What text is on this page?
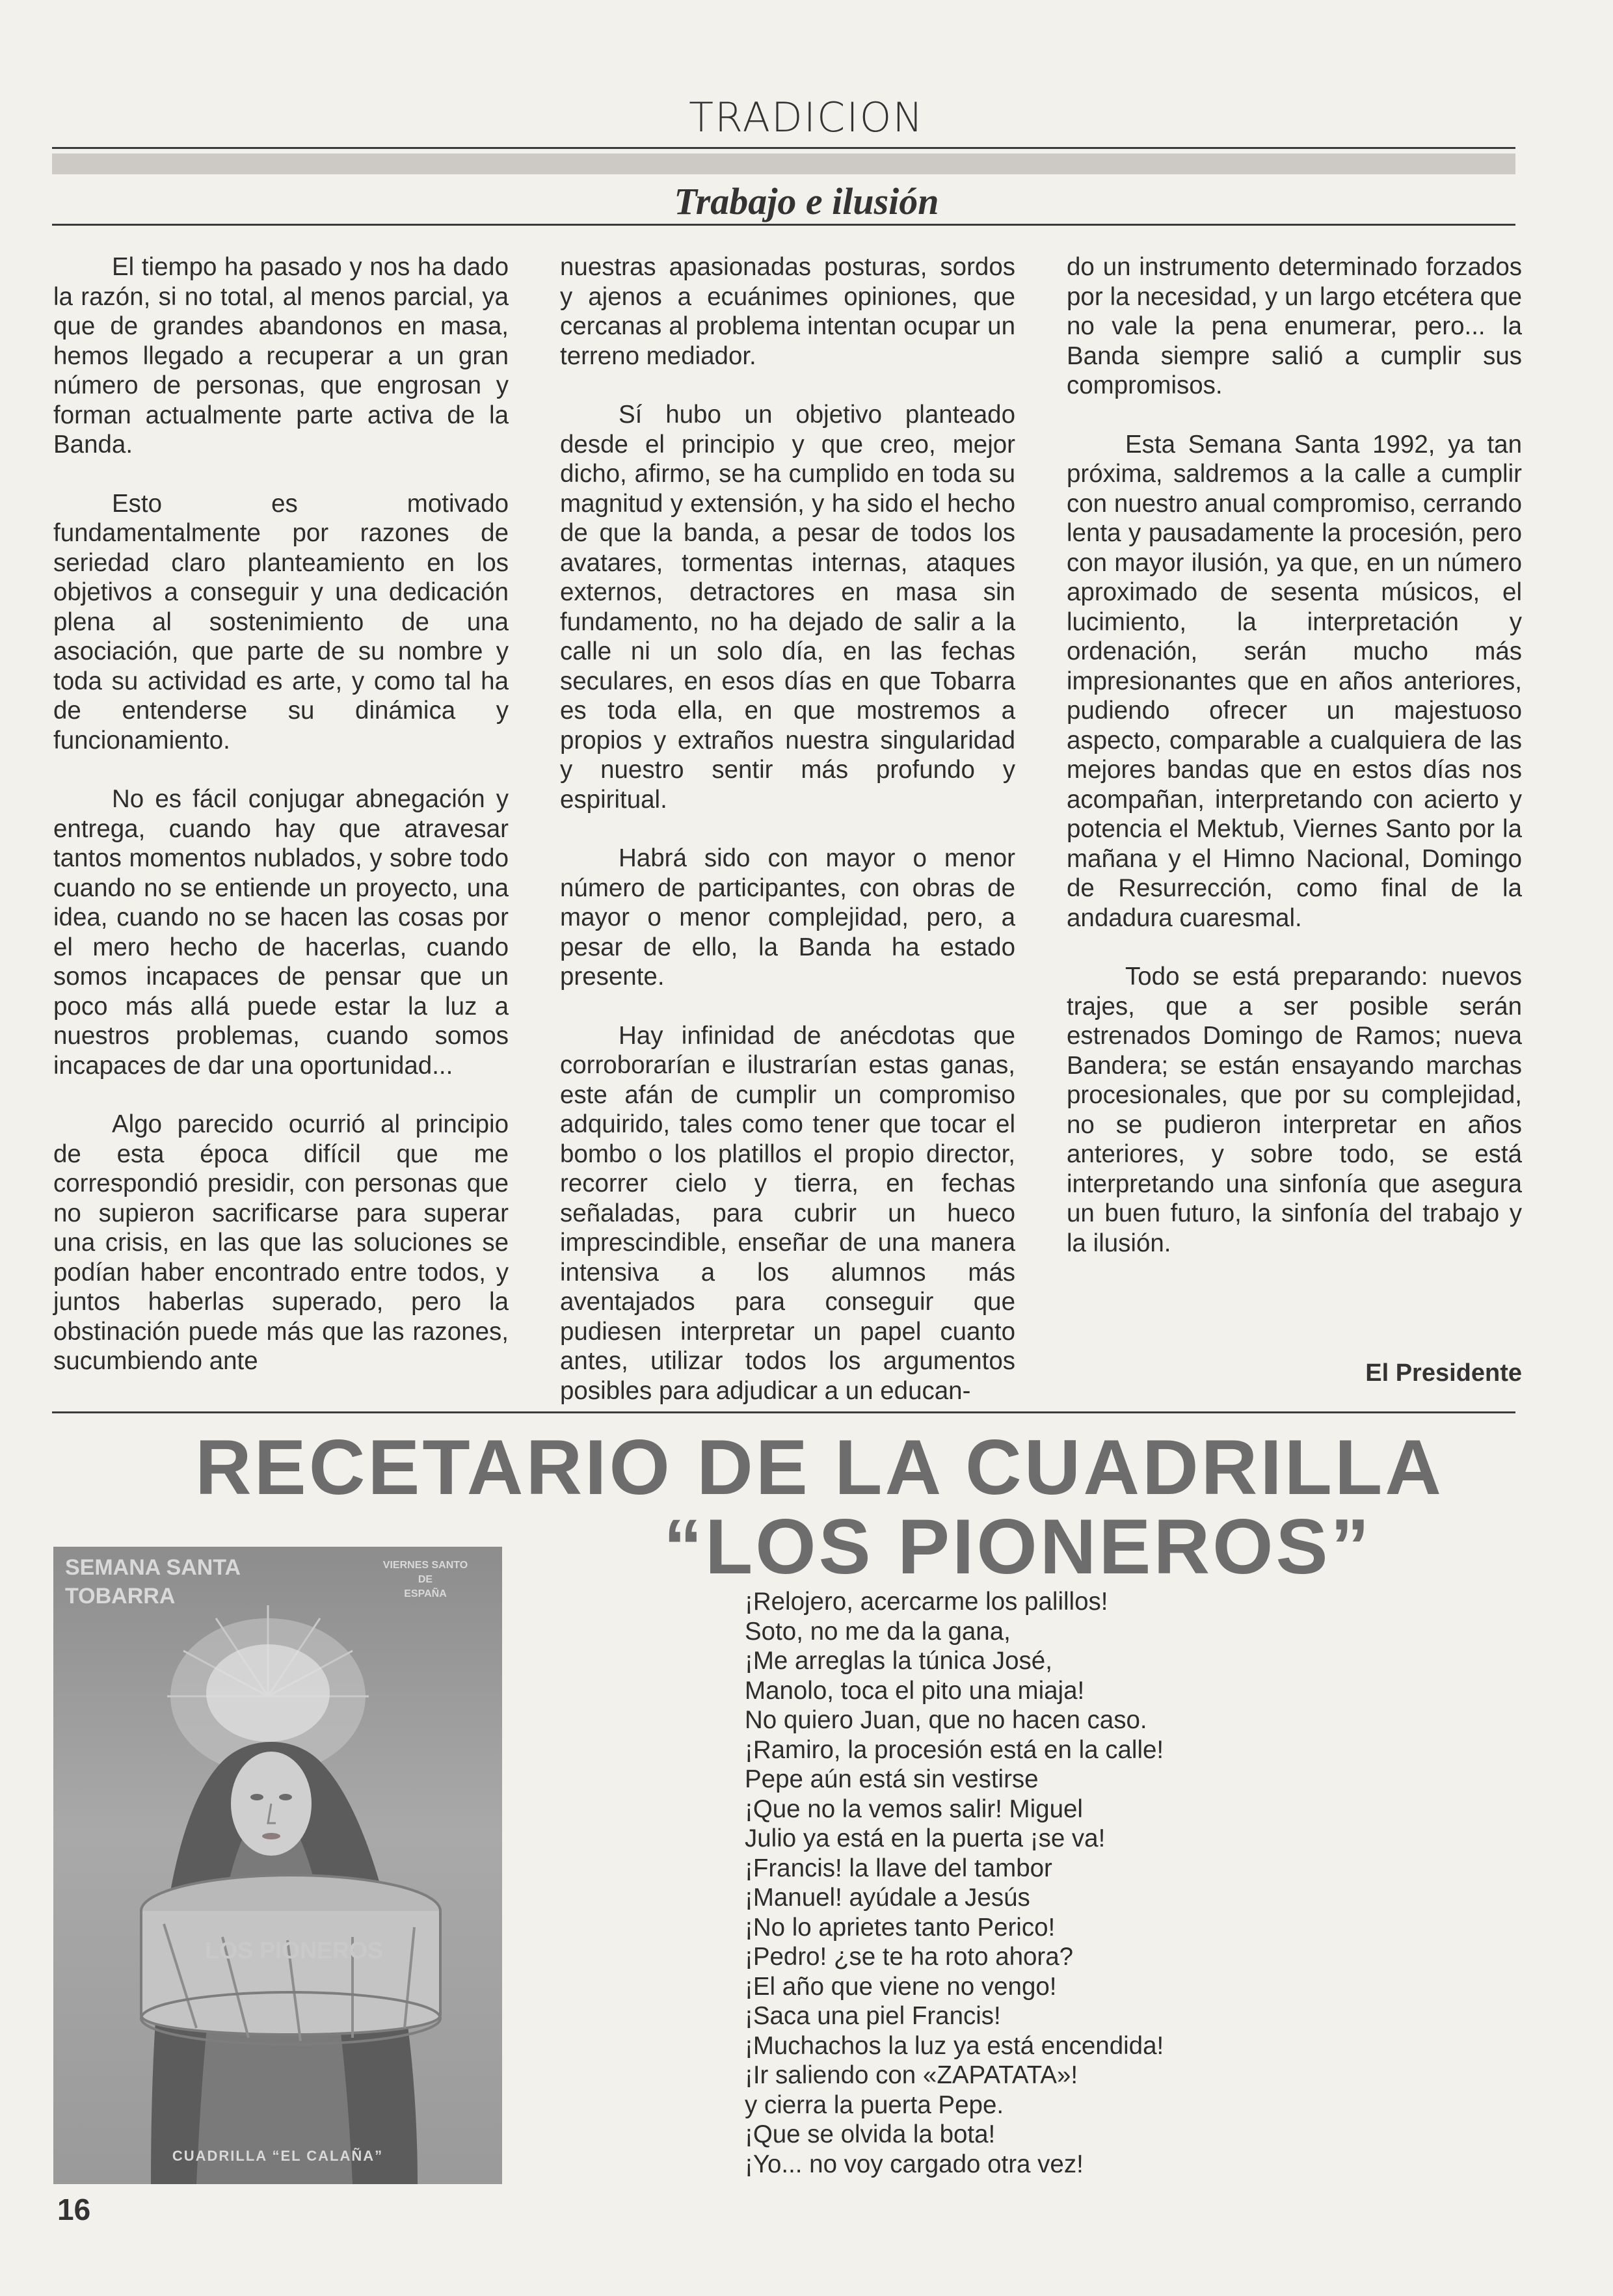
TRADICION
Trabajo e ilusión

El tiempo ha pasado y nos ha dado la razón, si no total, al menos parcial, ya que de grandes abandonos en masa, hemos llegado a recuperar a un gran número de personas, que engrosan y forman actualmente parte activa de la Banda.

Esto es motivado fundamentalmente por razones de seriedad claro planteamiento en los objetivos a conseguir y una dedicación plena al sostenimiento de una asociación, que parte de su nombre y toda su actividad es arte, y como tal ha de entenderse su dinámica y funcionamiento.

No es fácil conjugar abnegación y entrega, cuando hay que atravesar tantos momentos nublados, y sobre todo cuando no se entiende un proyecto, una idea, cuando no se hacen las cosas por el mero hecho de hacerlas, cuando somos incapaces de pensar que un poco más allá puede estar la luz a nuestros problemas, cuando somos incapaces de dar una oportunidad...

Algo parecido ocurrió al principio de esta época difícil que me correspondió presidir, con personas que no supieron sacrificarse para superar una crisis, en las que las soluciones se podían haber encontrado entre todos, y juntos haberlas superado, pero la obstinación puede más que las razones, sucumbiendo ante

nuestras apasionadas posturas, sordos y ajenos a ecuánimes opiniones, que cercanas al problema intentan ocupar un terreno mediador.

Sí hubo un objetivo planteado desde el principio y que creo, mejor dicho, afirmo, se ha cumplido en toda su magnitud y extensión, y ha sido el hecho de que la banda, a pesar de todos los avatares, tormentas internas, ataques externos, detractores en masa sin fundamento, no ha dejado de salir a la calle ni un solo día, en las fechas seculares, en esos días en que Tobarra es toda ella, en que mostremos a propios y extraños nuestra singularidad y nuestro sentir más profundo y espiritual.

Habrá sido con mayor o menor número de participantes, con obras de mayor o menor complejidad, pero, a pesar de ello, la Banda ha estado presente.

Hay infinidad de anécdotas que corroborarían e ilustrarían estas ganas, este afán de cumplir un compromiso adquirido, tales como tener que tocar el bombo o los platillos el propio director, recorrer cielo y tierra, en fechas señaladas, para cubrir un hueco imprescindible, enseñar de una manera intensiva a los alumnos más aventajados para conseguir que pudiesen interpretar un papel cuanto antes, utilizar todos los argumentos posibles para adjudicar a un educan-

do un instrumento determinado forzados por la necesidad, y un largo etcétera que no vale la pena enumerar, pero... la Banda siempre salió a cumplir sus compromisos.

Esta Semana Santa 1992, ya tan próxima, saldremos a la calle a cumplir con nuestro anual compromiso, cerrando lenta y pausadamente la procesión, pero con mayor ilusión, ya que, en un número aproximado de sesenta músicos, el lucimiento, la interpretación y ordenación, serán mucho más impresionantes que en años anteriores, pudiendo ofrecer un majestuoso aspecto, comparable a cualquiera de las mejores bandas que en estos días nos acompañan, interpretando con acierto y potencia el Mektub, Viernes Santo por la mañana y el Himno Nacional, Domingo de Resurrección, como final de la andadura cuaresmal.

Todo se está preparando: nuevos trajes, que a ser posible serán estrenados Domingo de Ramos; nueva Bandera; se están ensayando marchas procesionales, que por su complejidad, no se pudieron interpretar en años anteriores, y sobre todo, se está interpretando una sinfonía que asegura un buen futuro, la sinfonía del trabajo y la ilusión.

El Presidente
RECETARIO DE LA CUADRILLA
“LOS PIONEROS”
SEMANA SANTA
TOBARRA
VIERNES SANTO
DE
ESPAÑA
LOS PIONEROS
CUADRILLA “EL CALAÑA”
¡Relojero, acercarme los palillos!
Soto, no me da la gana,
¡Me arreglas la túnica José,
Manolo, toca el pito una miaja!
No quiero Juan, que no hacen caso.
¡Ramiro, la procesión está en la calle!
Pepe aún está sin vestirse
¡Que no la vemos salir! Miguel
Julio ya está en la puerta ¡se va!
¡Francis! la llave del tambor
¡Manuel! ayúdale a Jesús
¡No lo aprietes tanto Perico!
¡Pedro! ¿se te ha roto ahora?
¡El año que viene no vengo!
¡Saca una piel Francis!
¡Muchachos la luz ya está encendida!
¡Ir saliendo con «ZAPATATA»!
y cierra la puerta Pepe.
¡Que se olvida la bota!
¡Yo... no voy cargado otra vez!
16
